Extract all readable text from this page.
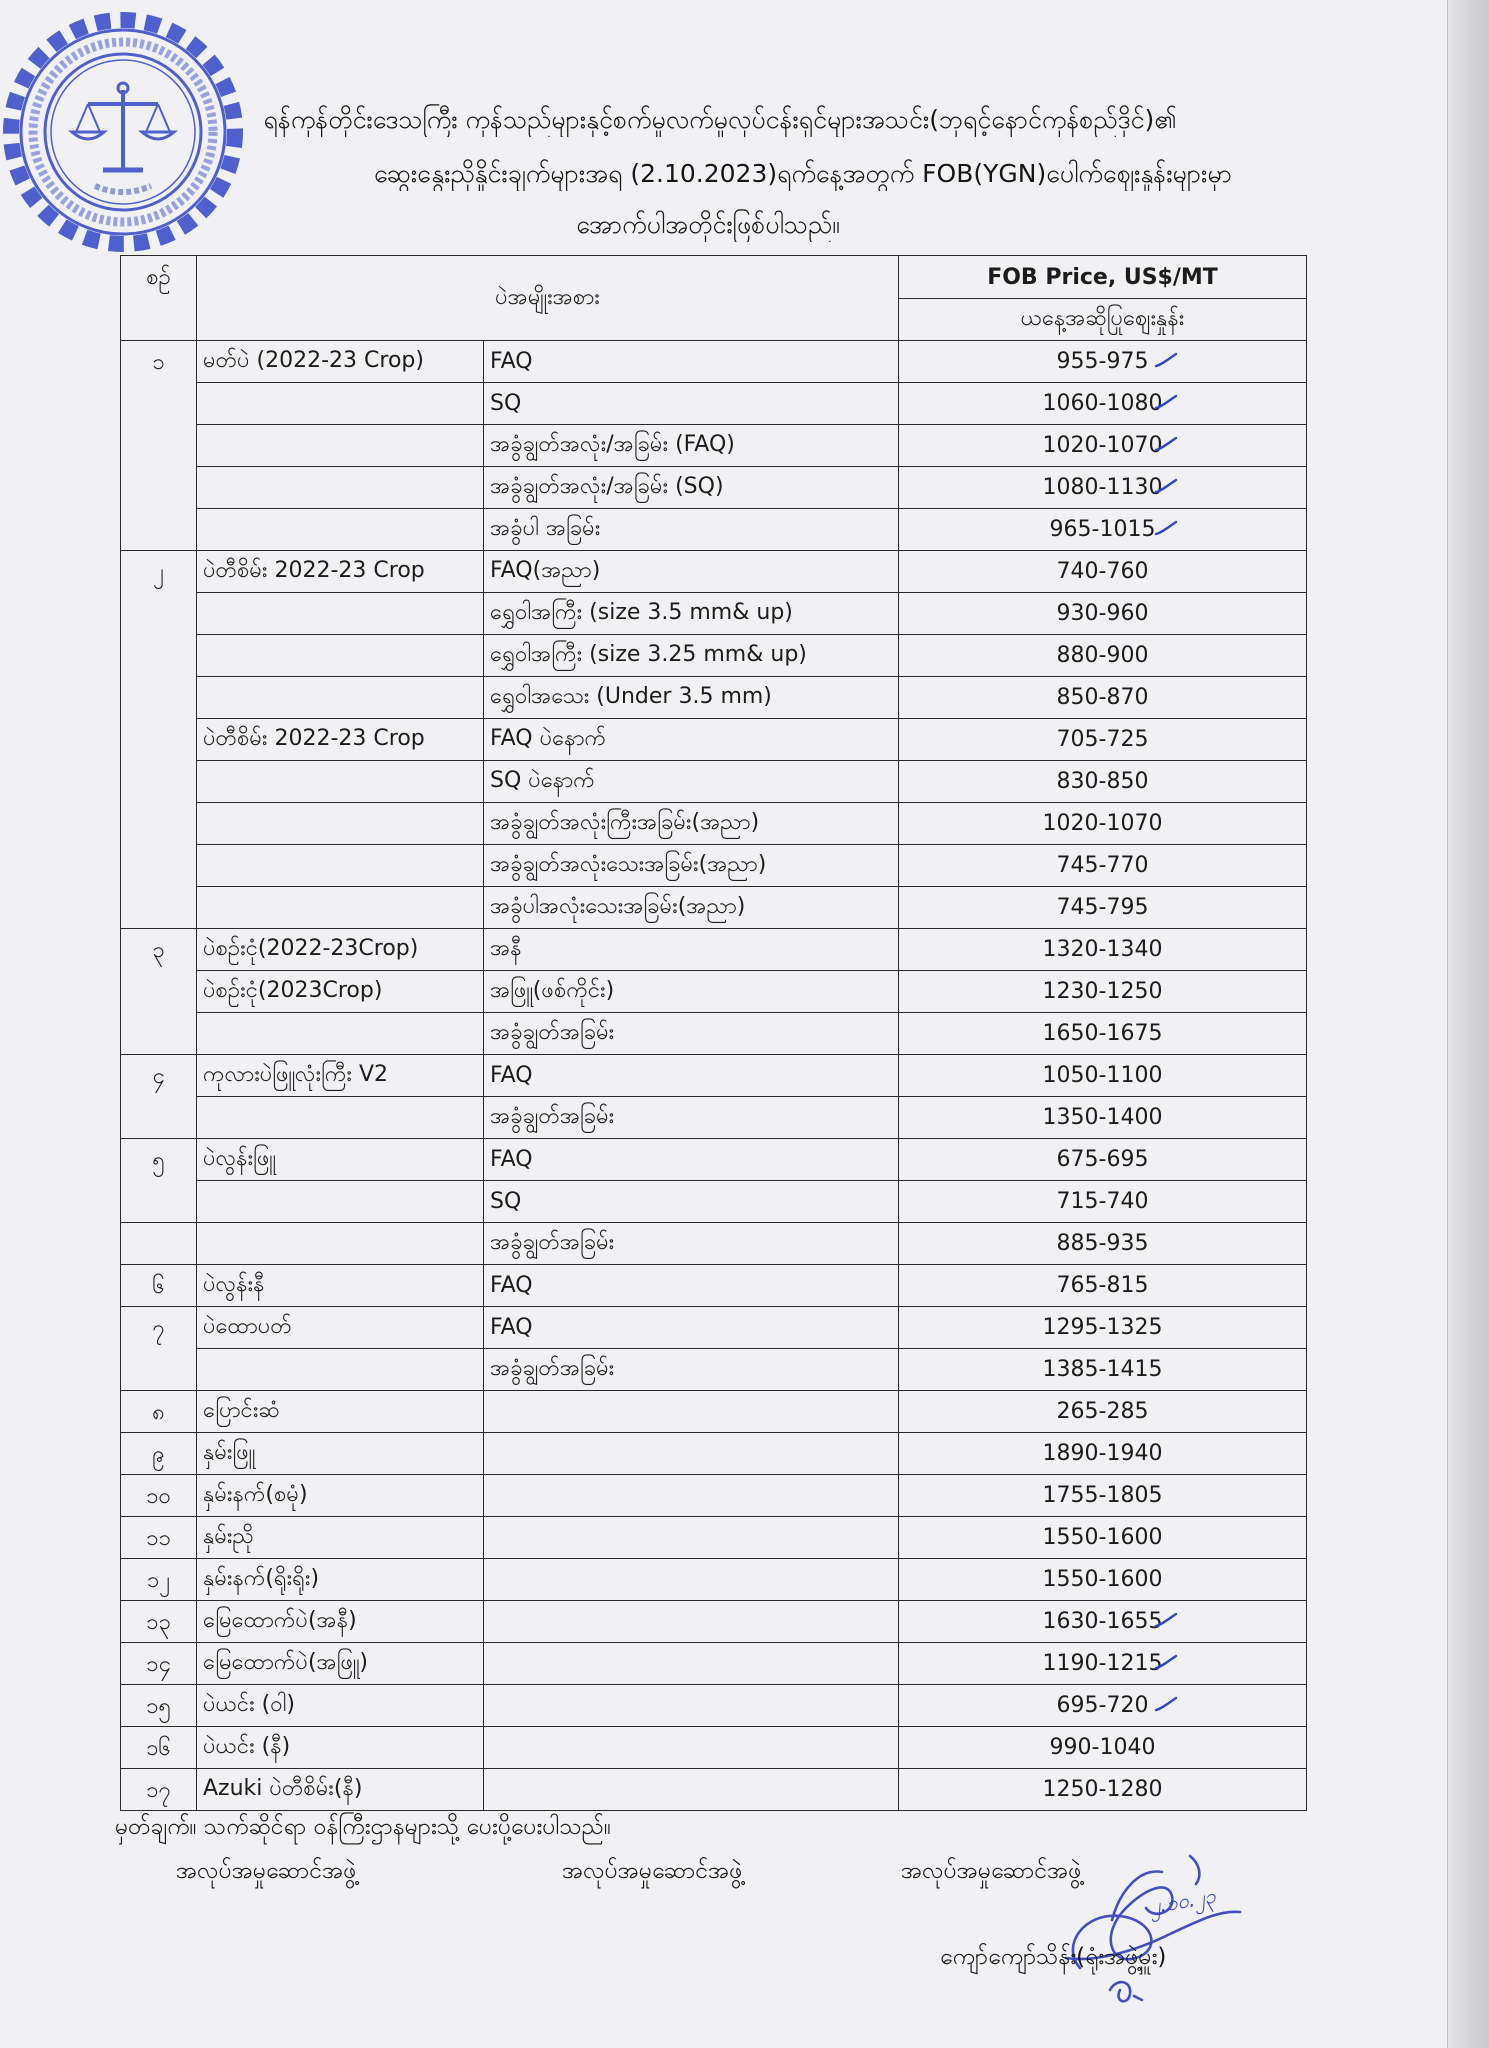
ရန်ကုန်တိုင်းဒေသကြီး ကုန်သည်များနှင့်စက်မှုလက်မှုလုပ်ငန်းရှင်များအသင်း(ဘုရင့်နောင်ကုန်စည်ဒိုင်)၏
ဆွေးနွေးညှိနှိုင်းချက်များအရ (2.10.2023)ရက်နေ့အတွက် FOB(YGN)ပေါက်ဈေးနှုန်းများမှာ
အောက်ပါအတိုင်းဖြစ်ပါသည်။
စဉ်	ပဲအမျိုးအစား		FOB Price, US$/MT
			ယနေ့အဆိုပြုဈေးနှုန်း
၁	မတ်ပဲ (2022-23 Crop)	FAQ	955-975

		SQ	1060-1080

		အခွံချွတ်အလုံး/အခြမ်း (FAQ)	1020-1070

		အခွံချွတ်အလုံး/အခြမ်း (SQ)	1080-1130

		အခွံပါ အခြမ်း	965-1015

၂	ပဲတီစိမ်း 2022-23 Crop	FAQ(အညာ)	740-760
		ရွှေဝါအကြီး (size 3.5 mm& up)	930-960
		ရွှေဝါအကြီး (size 3.25 mm& up)	880-900
		ရွှေဝါအသေး (Under 3.5 mm)	850-870
	ပဲတီစိမ်း 2022-23 Crop	FAQ ပဲနောက်	705-725
		SQ ပဲနောက်	830-850
		အခွံချွတ်အလုံးကြီးအခြမ်း(အညာ)	1020-1070
		အခွံချွတ်အလုံးသေးအခြမ်း(အညာ)	745-770
		အခွံပါအလုံးသေးအခြမ်း(အညာ)	745-795
၃	ပဲစဉ်းငုံ(2022-23Crop)	အနီ	1320-1340
	ပဲစဉ်းငုံ(2023Crop)	အဖြူ(ဖစ်ကိုင်း)	1230-1250
		အခွံချွတ်အခြမ်း	1650-1675
၄	ကုလားပဲဖြူလုံးကြီး V2	FAQ	1050-1100
		အခွံချွတ်အခြမ်း	1350-1400
၅	ပဲလွန်းဖြူ	FAQ	675-695
		SQ	715-740
		အခွံချွတ်အခြမ်း	885-935
၆	ပဲလွန်းနီ	FAQ	765-815
၇	ပဲထောပတ်	FAQ	1295-1325
		အခွံချွတ်အခြမ်း	1385-1415
၈	ပြောင်းဆံ		265-285
၉	နှမ်းဖြူ		1890-1940
၁၀	နှမ်းနက်(စမုံ)		1755-1805
၁၁	နှမ်းညို		1550-1600
၁၂	နှမ်းနက်(ရိုးရိုး)		1550-1600
၁၃	မြေထောက်ပဲ(အနီ)		1630-1655

၁၄	မြေထောက်ပဲ(အဖြူ)		1190-1215

၁၅	ပဲယင်း (ဝါ)		695-720

၁၆	ပဲယင်း (နီ)		990-1040
၁၇	Azuki ပဲတီစိမ်း(နီ)		1250-1280
မှတ်ချက်။ သက်ဆိုင်ရာ ဝန်ကြီးဌာနများသို့ ပေးပို့ပေးပါသည်။
အလုပ်အမှုဆောင်အဖွဲ့	အလုပ်အမှုဆောင်အဖွဲ့	အလုပ်အမှုဆောင်အဖွဲ့
၂.၁၀.၂၃
ကျော်ကျော်သိန်း(ရုံးအဖွဲ့မှူး)
